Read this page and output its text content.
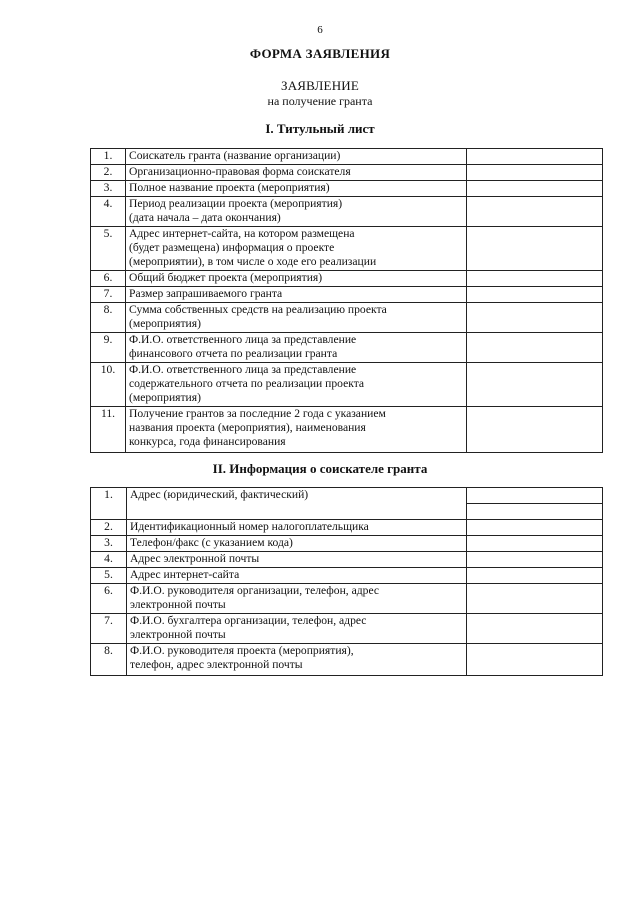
6
ФОРМА ЗАЯВЛЕНИЯ
ЗАЯВЛЕНИЕ
на получение гранта
I. Титульный лист
1.	Соискатель гранта (название организации)	
2.	Организационно-правовая форма соискателя	
3.	Полное название проекта (мероприятия)	
4.	Период реализации проекта (мероприятия)
(дата начала – дата окончания)	
5.	Адрес интернет-сайта, на котором размещена
(будет размещена) информация о проекте
(мероприятии), в том числе о ходе его реализации	
6.	Общий бюджет проекта (мероприятия)	
7.	Размер запрашиваемого гранта	
8.	Сумма собственных средств на реализацию проекта
(мероприятия)	
9.	Ф.И.О. ответственного лица за представление
финансового отчета по реализации гранта	
10.	Ф.И.О. ответственного лица за представление
содержательного отчета по реализации проекта
(мероприятия)	
11.	Получение грантов за последние 2 года с указанием
названия проекта (мероприятия), наименования
конкурса, года финансирования	
II. Информация о соискателе гранта
1.	Адрес (юридический, фактический)	

2.	Идентификационный номер налогоплательщика	
3.	Телефон/факс (с указанием кода)	
4.	Адрес электронной почты	
5.	Адрес интернет-сайта	
6.	Ф.И.О. руководителя организации, телефон, адрес
электронной почты	
7.	Ф.И.О. бухгалтера организации, телефон, адрес
электронной почты	
8.	Ф.И.О. руководителя проекта (мероприятия),
телефон, адрес электронной почты	
